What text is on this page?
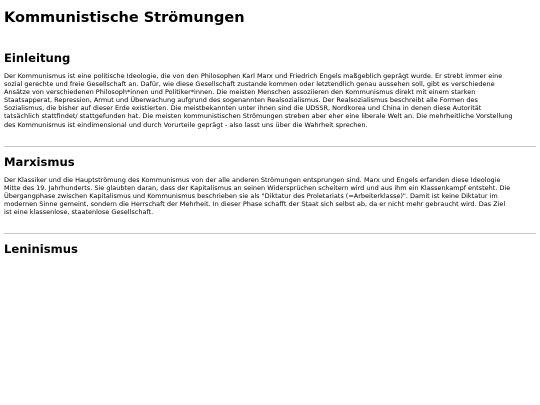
Kommunistische Strömungen
Einleitung

Der Kommunismus ist eine politische Ideologie, die von den Philosophen Karl Marx und Friedrich Engels maßgeblich geprägt wurde. Er strebt immer eine
sozial gerechte und freie Gesellschaft an. Dafür, wie diese Gesellschaft zustande kommen oder letztendlich genau aussehen soll, gibt es verschiedene
Ansätze von verschiedenen Philosoph*innen und Politiker*innen. Die meisten Menschen assoziieren den Kommunismus direkt mit einem starken
Staatsapperat, Repression, Armut und Überwachung aufgrund des sogenannten Realsozialismus. Der Realsozialismus beschreibt alle Formen des
Sozialismus, die bisher auf dieser Erde existierten. Die meistbekannten unter ihnen sind die UDSSR, Nordkorea und China in denen diese Autorität
tatsächlich stattfindet/ stattgefunden hat. Die meisten kommunistischen Strömungen streben aber eher eine liberale Welt an. Die mehrheitliche Vorstellung
des Kommunismus ist eindimensional und durch Vorurteile geprägt - also lasst uns über die Wahrheit sprechen.

Marxismus

Der Klassiker und die Hauptströmung des Kommunismus von der alle anderen Strömungen entsprungen sind. Marx und Engels erfanden diese Ideologie
Mitte des 19. Jahrhunderts. Sie glaubten daran, dass der Kapitalismus an seinen Widersprüchen scheitern wird und aus ihm ein Klassenkampf entsteht. Die
Übergangphase zwischen Kapitalismus und Kommunismus beschrieben sie als "Diktatur des Proletariats (=Arbeiterklasse)". Damit ist keine Diktatur im
modernen Sinne gemeint, sondern die Herrschaft der Mehrheit. In dieser Phase schafft der Staat sich selbst ab, da er nicht mehr gebraucht wird. Das Ziel
ist eine klassenlose, staatenlose Gesellschaft.

Leninismus
